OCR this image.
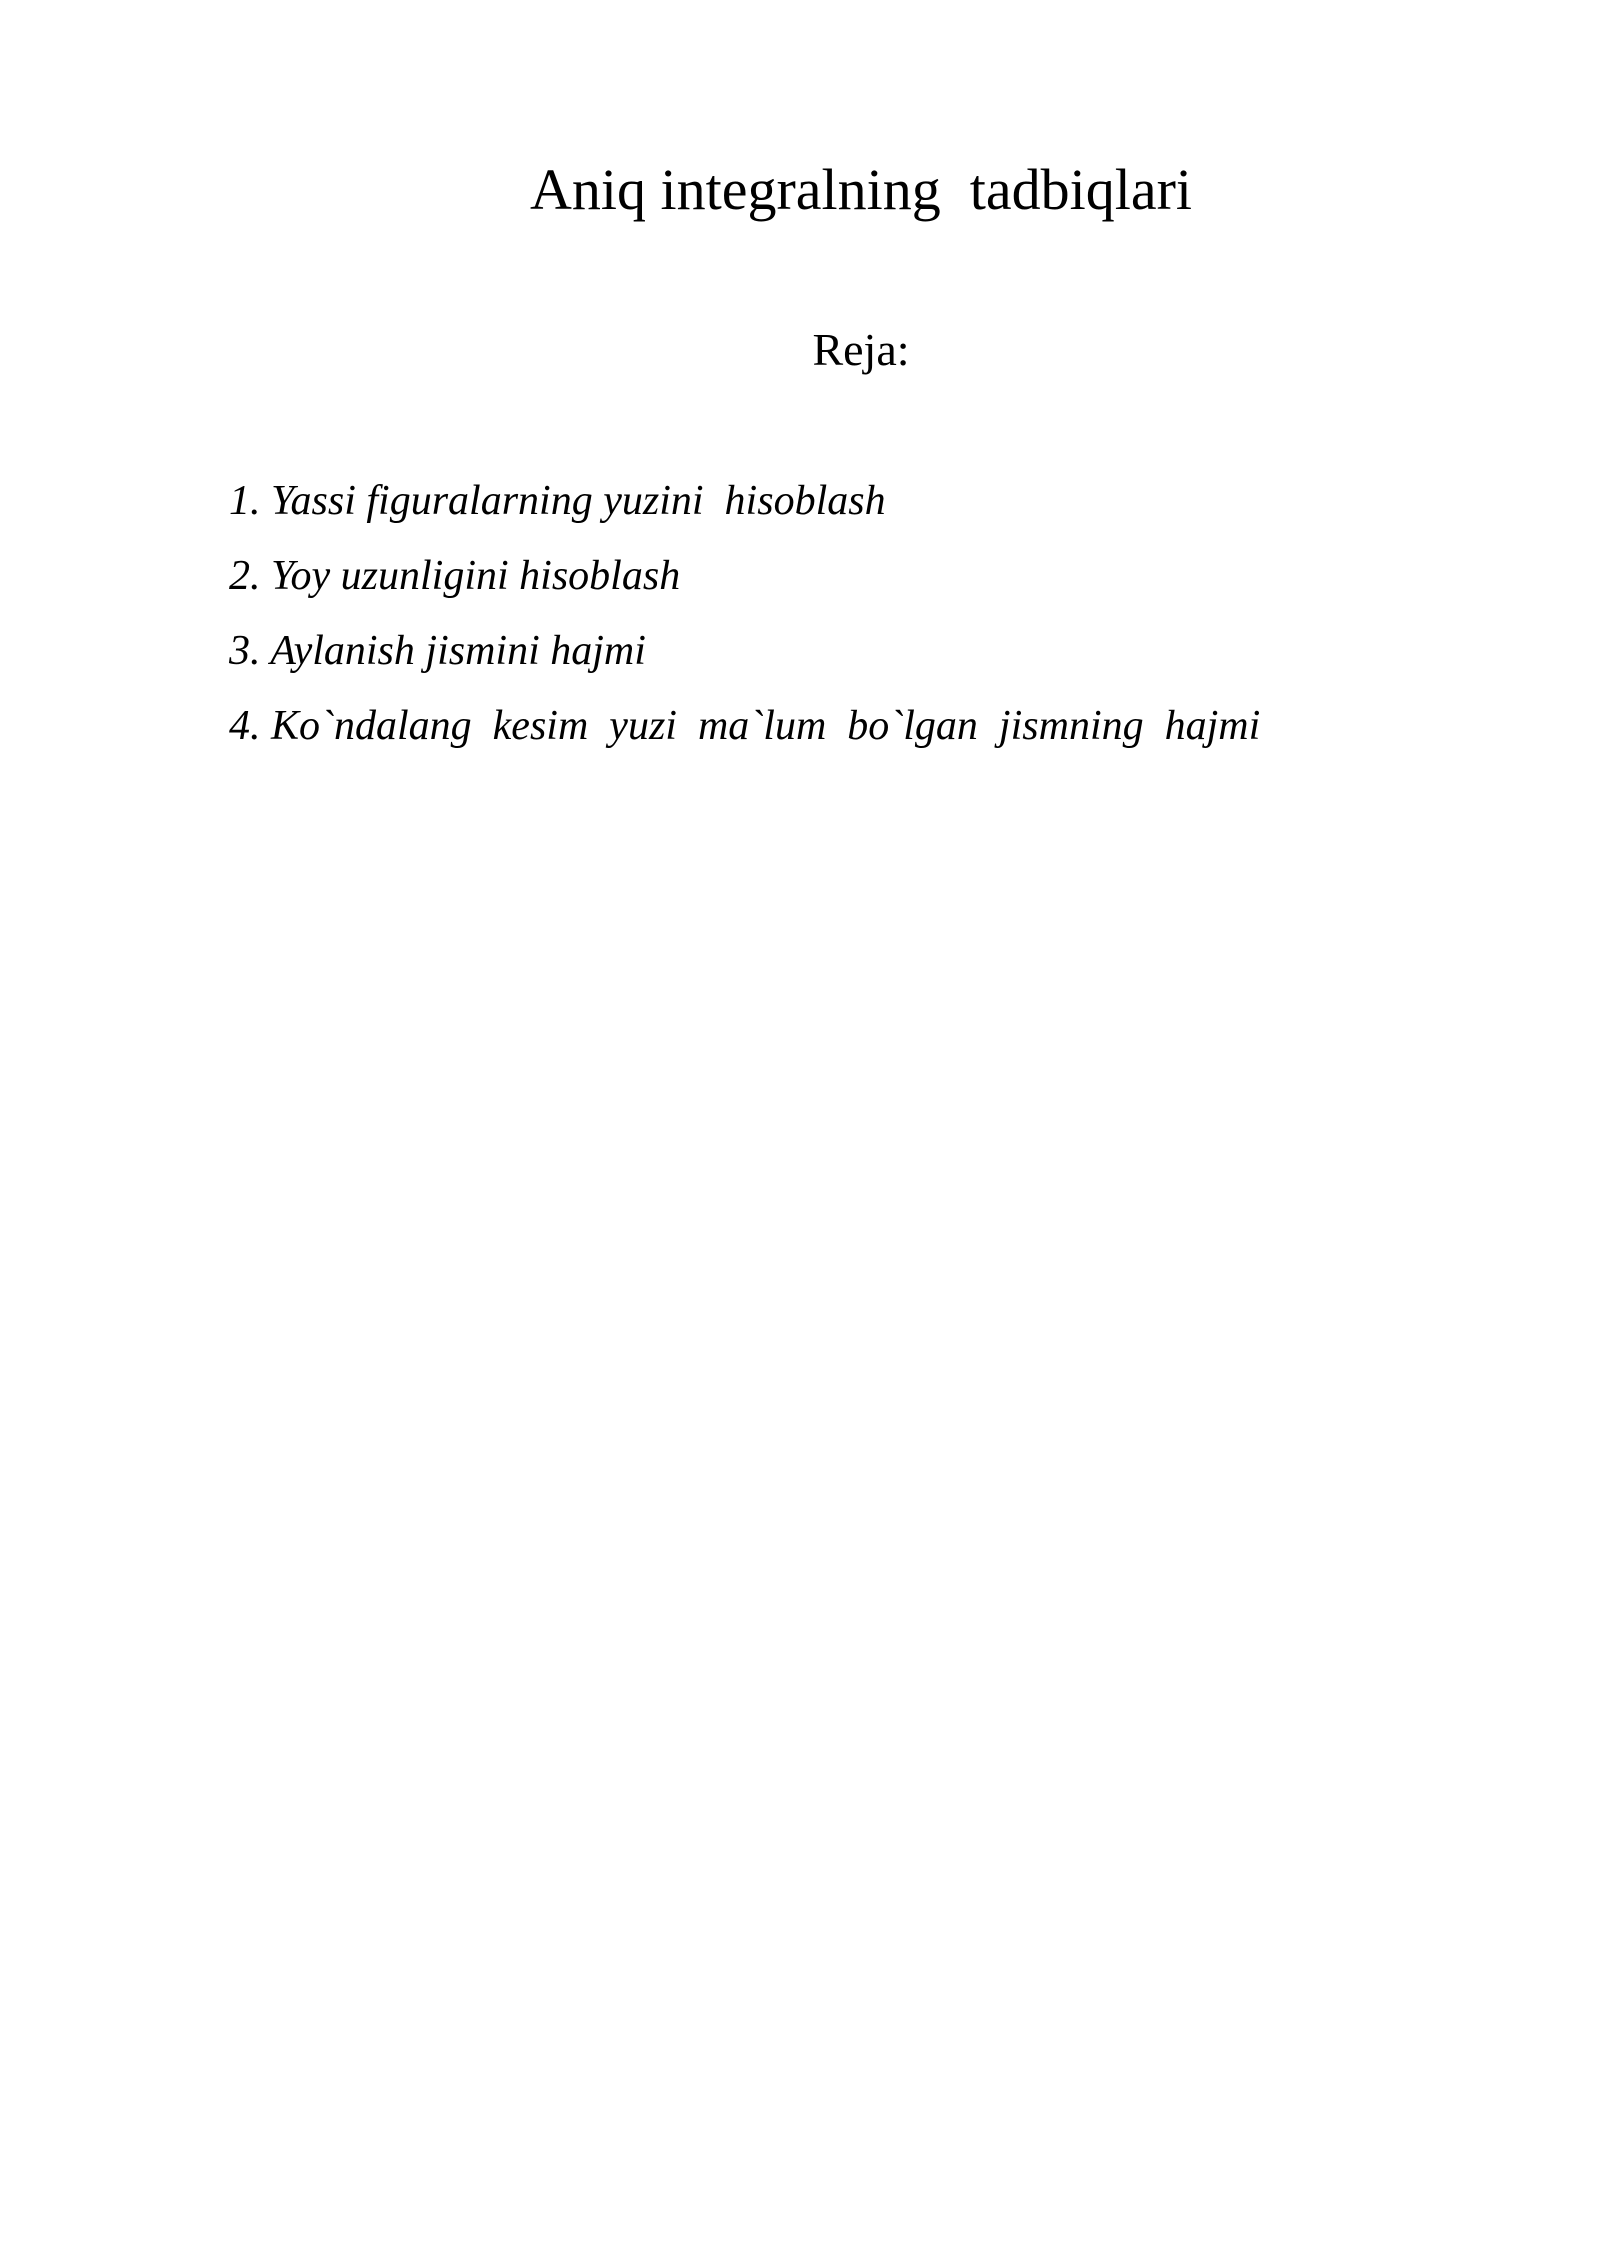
Aniq integralning  tadbiqlari
Reja:
1. Yassi figuralarning yuzini  hisoblash
2. Yoy uzunligini hisoblash
3. Aylanish jismini hajmi
4. Ko`ndalang  kesim  yuzi  ma`lum  bo`lgan  jismning  hajmi
